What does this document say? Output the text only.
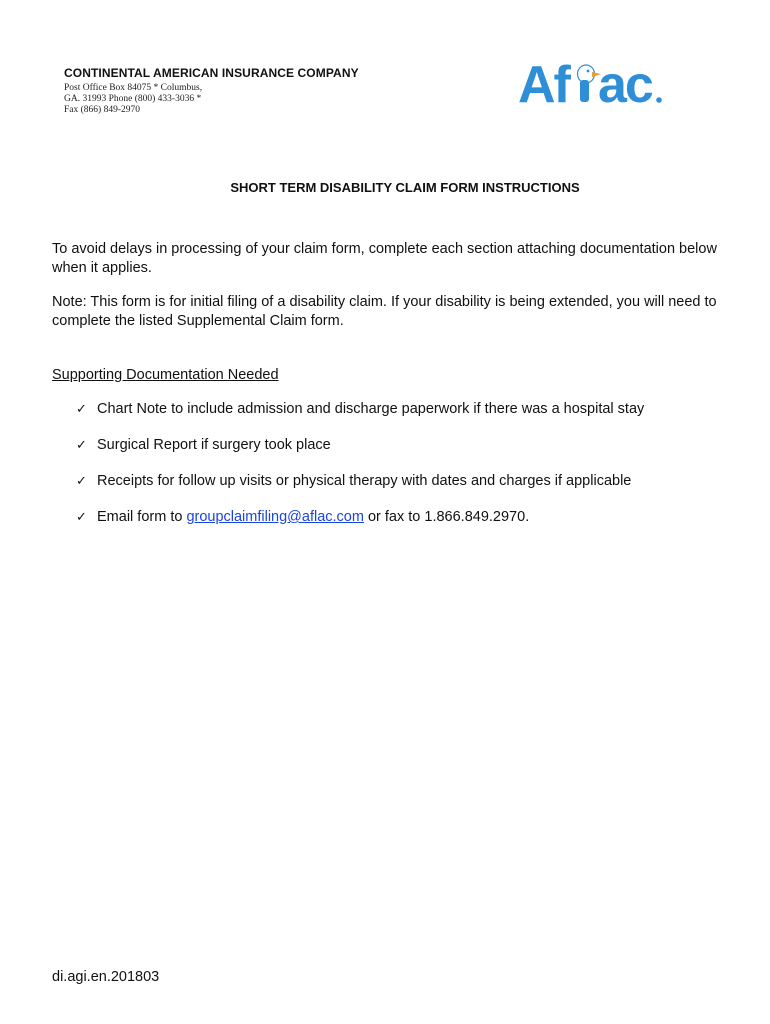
CONTINENTAL AMERICAN INSURANCE COMPANY
Post Office Box 84075 * Columbus,
GA. 31993 Phone (800) 433-3036 *
Fax (866) 849-2970	Af ac
SHORT TERM DISABILITY CLAIM FORM INSTRUCTIONS
To avoid delays in processing of your claim form, complete each section attaching documentation below when it applies.
Note: This form is for initial filing of a disability claim. If your disability is being extended, you will need to complete the listed Supplemental Claim form.
Supporting Documentation Needed
✓ Chart Note to include admission and discharge paperwork if there was a hospital stay
✓ Surgical Report if surgery took place
✓ Receipts for follow up visits or physical therapy with dates and charges if applicable
✓ Email form to groupclaimfiling@aflac.com or fax to 1.866.849.2970.
di.agi.en.201803
